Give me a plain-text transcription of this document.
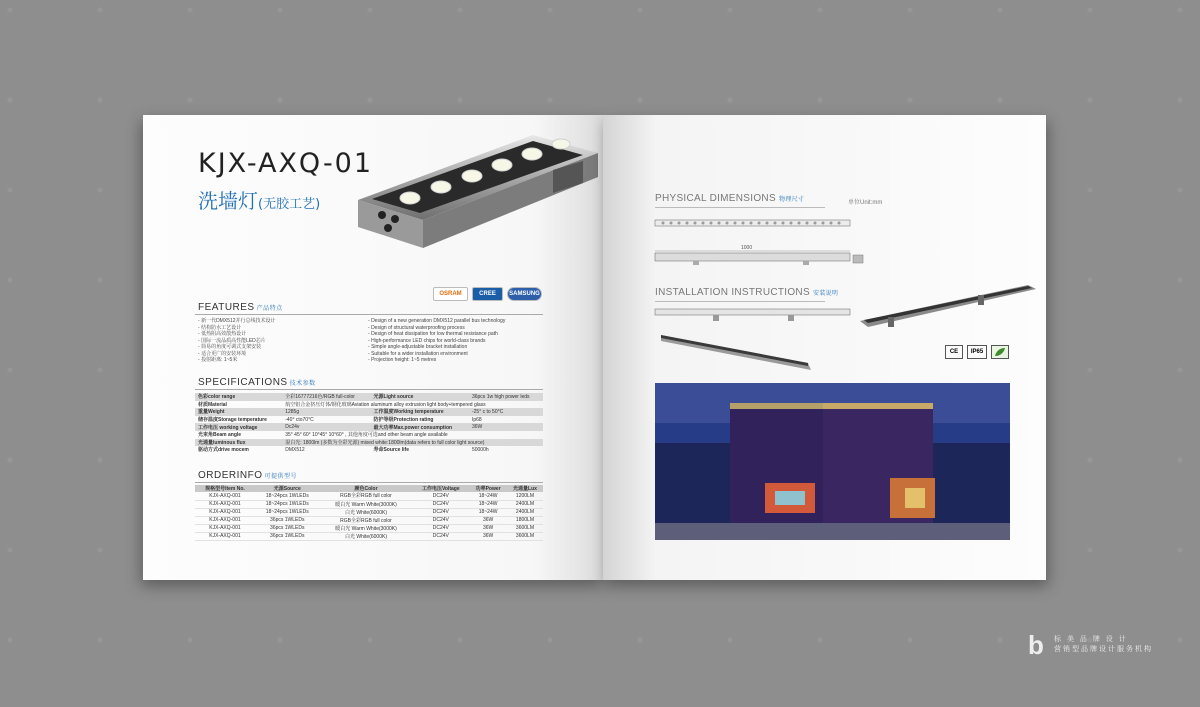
KJX-AXQ-01
洗墙灯(无胶工艺)
OSRAM	CREE	SAMSUNG
FEATURES 产品特点
- 新一代DMX512并行总线技术设计
- 结构防水工艺设计
- 低热阻高效散热设计
- 国际一流品质高性能LED芯片
- 简易的角度可调式支架安装
- 适合更广的安装环境
- 投射距离: 1~5米
- Design of a new generation DMX512 parallel bus technology
- Design of structural waterproofing process
- Design of heat dissipation for low thermal resistance path
- High-performance LED chips for world-class brands
- Simple angle-adjustable bracket installation
- Suitable for a wider installation environment
- Projection height: 1~5 metres
SPECIFICATIONS 技术参数
色彩color range	全彩16777216色/RGB full-color	光源Light source	36pcs 1w high power leds
材质Material	航空铝合金挤压灯体/钢化玻璃Aviation aluminum alloy extrusion light body+tempered glass		
重量Weight	1285g	工作温度Working temperature	-25° c to 50°C
储存温度Storage temperature	-40° cto70°C	防护等级Protection rating	Ip68
工作电压 working voltage	Dc24v	最大功率Max.power consumption	36W
光束角Beam angle	35° 45° 60° 10°45° 10°60° , 其他角度可选and other beam angle available		
光通量luminous flux	混白光: 1800lm (多数为全彩光源) mixed white:1800lm(data refers to full color light source)		
驱动方式drive mocem	DMX512	寿命Source life	50000h
ORDERINFO 可提供型号
规格型号Item No.	光源Source	颜色Color	工作电压Voltage	功率Power	光通量Lux
KJX-AXQ-001	18~24pcs 1WLEDs	RGB全彩RGB full color	DC24V	18~24W	1200LM
KJX-AXQ-001	18~24pcs 1WLEDs	暖白光 Warm White(3000K)	DC24V	18~24W	2400LM
KJX-AXQ-001	18~24pcs 1WLEDs	白光 White(6000K)	DC24V	18~24W	2400LM
KJX-AXQ-001	36pcs 1WLEDs	RGB全彩RGB full color	DC24V	36W	1800LM
KJX-AXQ-001	36pcs 1WLEDs	暖白光 Warm White(3000K)	DC24V	36W	3600LM
KJX-AXQ-001	36pcs 1WLEDs	白光 White(6000K)	DC24V	36W	3600LM
PHYSICAL DIMENSIONS 物理尺寸	单位Unit:mm
1000
INSTALLATION INSTRUCTIONS 安装说明
CE	IP65
b	标 美 品 牌 设 计
营销型品牌设计服务机构
